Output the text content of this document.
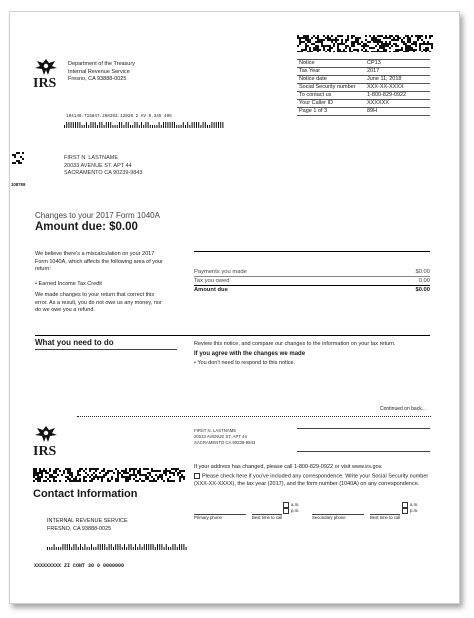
IRS
Department of the Treasury
Internal Revenue Service
Fresno, CA 93888-0025
104149.715847.288293.12020 2 AV 0.345 495
Notice	CP13
Tax Year	2017
Notice date	June 11, 2018
Social Security number	XXX-XX-XXXX
To contact us	1-800-829-0922
Your Caller ID	XXXXXX
Page 1 of 3	89H
108789
FIRST N. LASTNAME
20033 AVENUE ST. APT 44
SACRAMENTO CA 90239-9843
Changes to your 2017 Form 1040A
Amount due: $0.00
We believe there's a miscalculation on your 2017 Form 1040A, which affects the following area of your return:
• Earned Income Tax Credit
We made changes to your return that correct this error. As a result, you do not owe us any money, nor do we owe you a refund.
Payments you made	$0.00
Tax you owed	0.00
Amount due	$0.00
What you need to do	Review this notice, and compare our changes to the information on your tax return.
If you agree with the changes we made
• You don't need to respond to this notice.
Continued on back...
IRS
Contact Information
INTERNAL REVENUE SERVICE
FRESNO, CA 93888-0025
XXXXXXXXX ZI CONT 30 0 0000000
FIRST N. LASTNAME
20033 AVENUE ST. APT 44
SACRAMENTO CA 90239-9843
If your address has changed, please call 1-800-829-0922 or visit www.irs.gov.
Please check here if you've included any correspondence. Write your Social Security number (XXX-XX-XXXX), the tax year (2017), and the form number (1040A) on any correspondence.
Primary phone	Best time to call
a.m.
p.m.
Secondary phone	Best time to call
a.m.
p.m.
